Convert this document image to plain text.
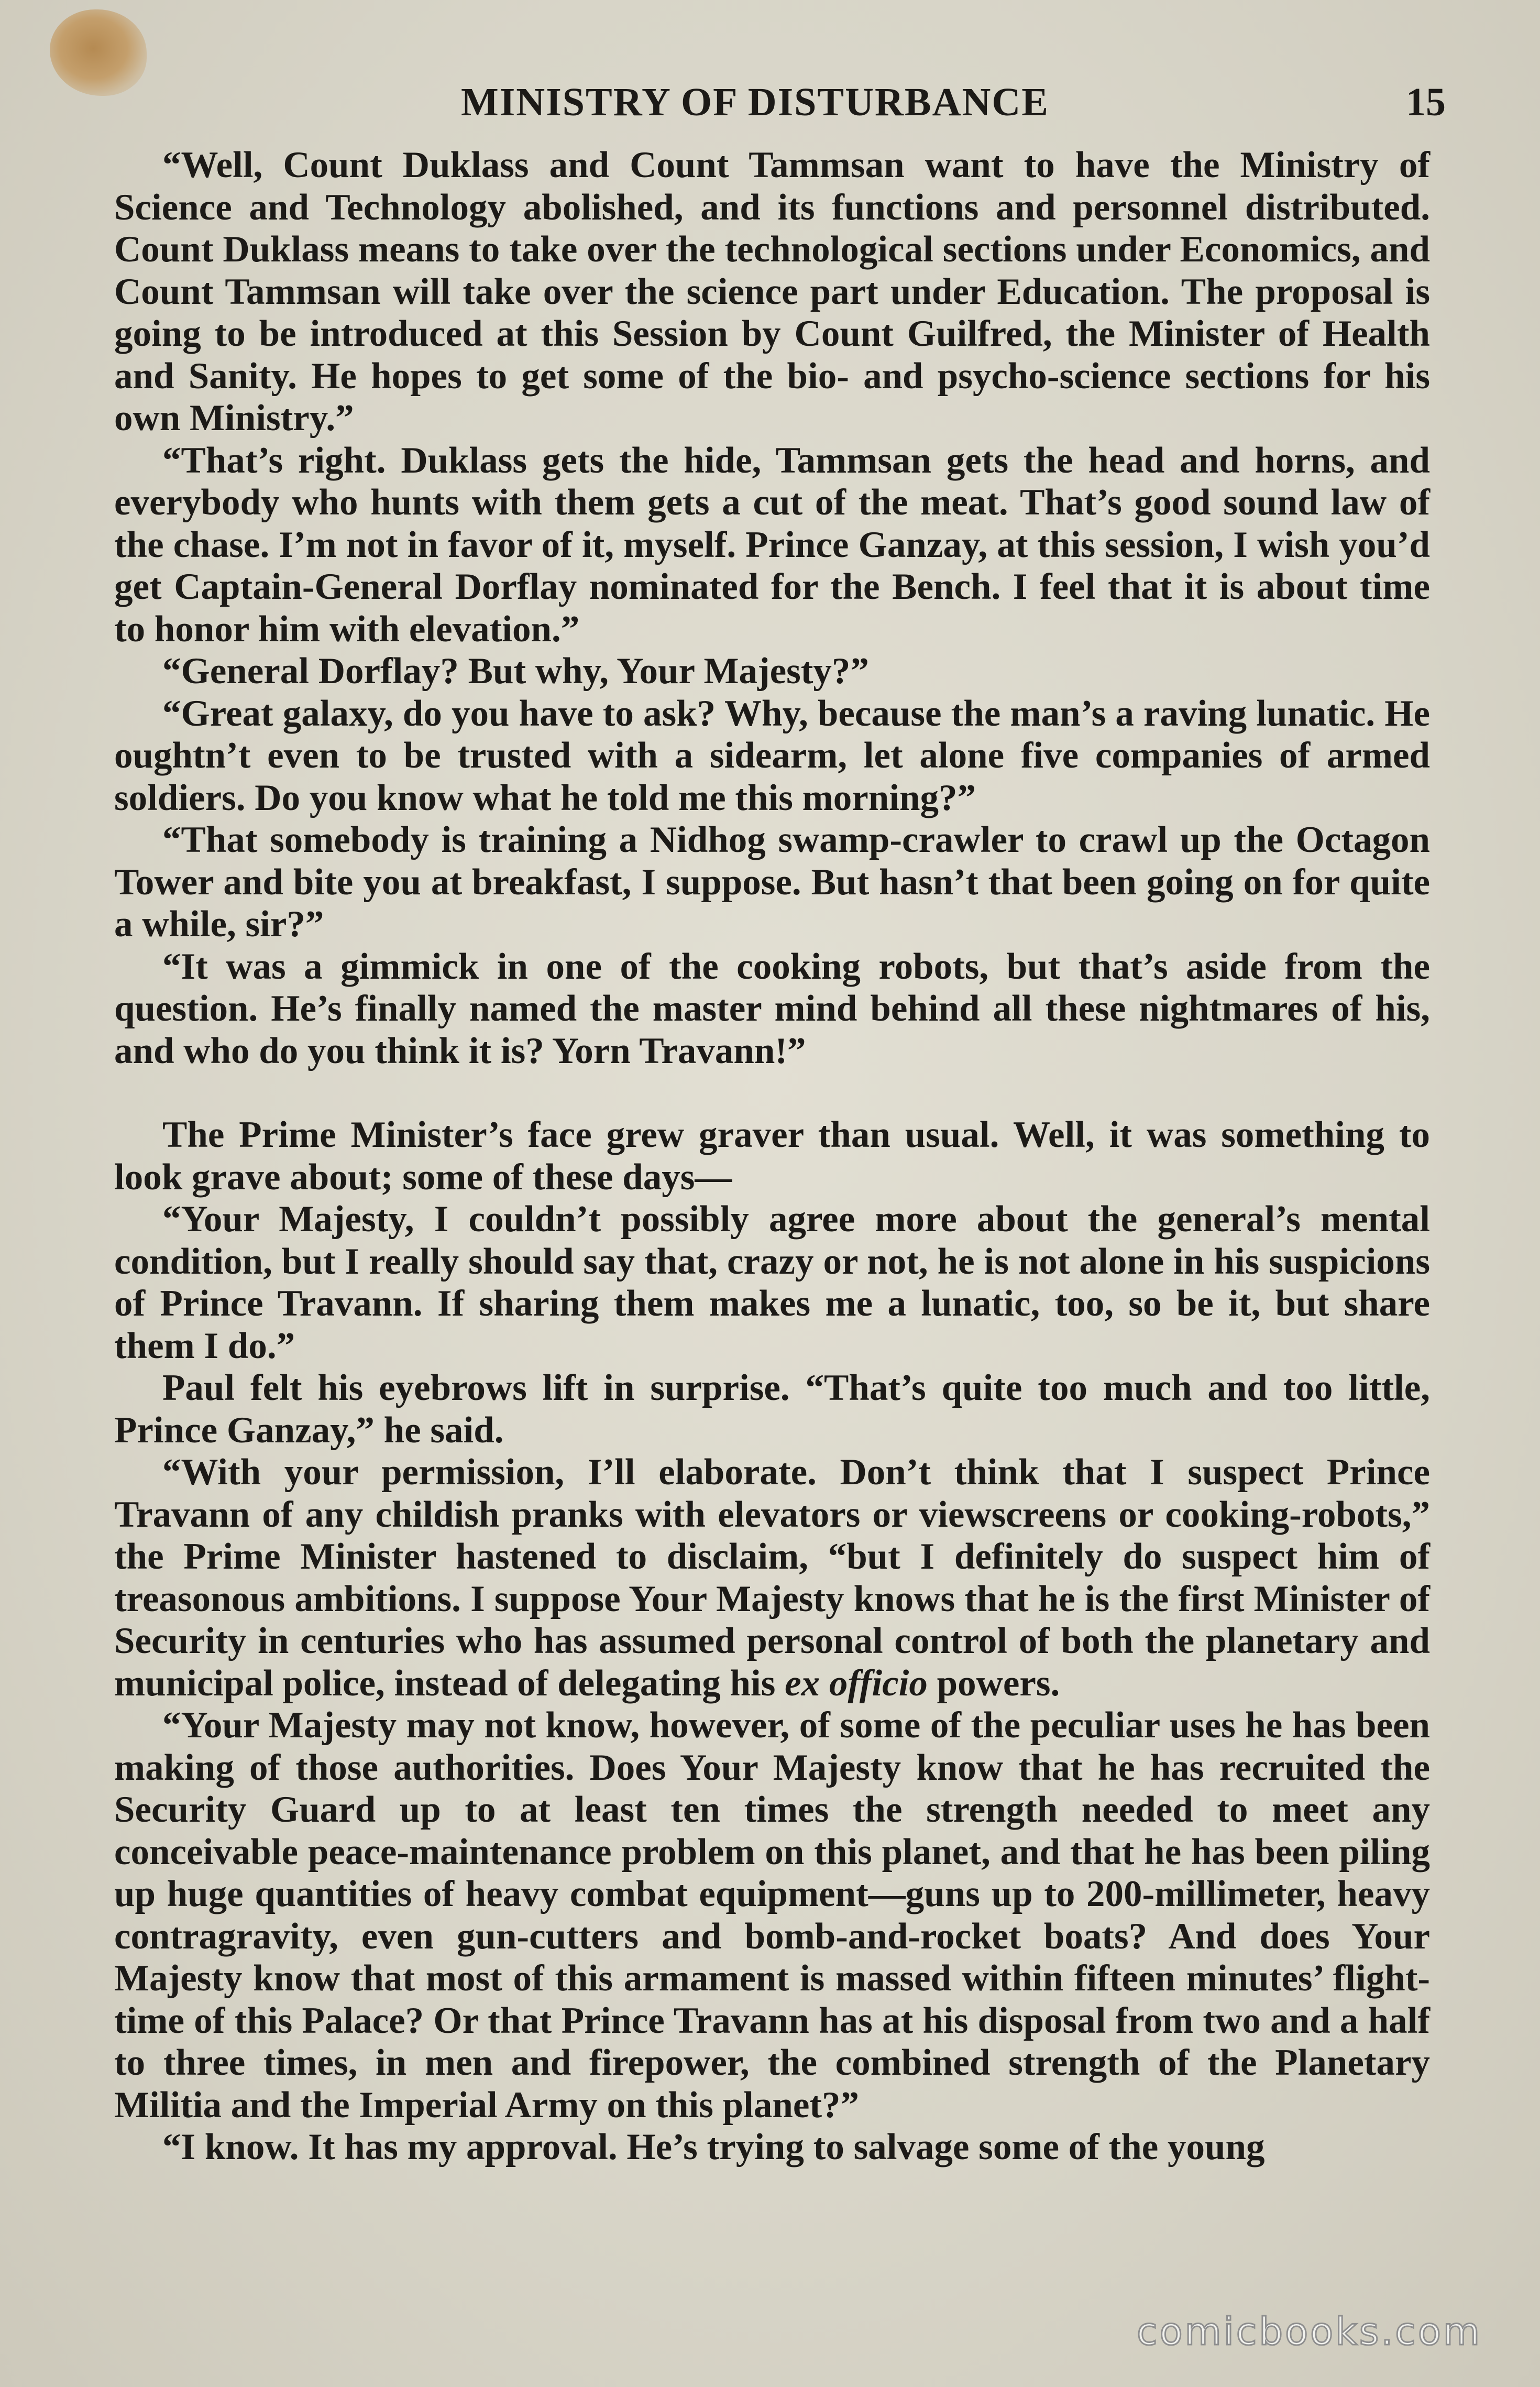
MINISTRY OF DISTURBANCE	15

“Well, Count Duklass and Count Tammsan want to have the Ministry of Science and Technology abolished, and its functions and personnel distributed. Count Duklass means to take over the technological sections under Economics, and Count Tammsan will take over the science part under Education. The proposal is going to be introduced at this Session by Count Guilfred, the Minister of Health and Sanity. He hopes to get some of the bio- and psycho-science sections for his own Ministry.”

“That’s right. Duklass gets the hide, Tammsan gets the head and horns, and everybody who hunts with them gets a cut of the meat. That’s good sound law of the chase. I’m not in favor of it, myself. Prince Ganzay, at this session, I wish you’d get Captain-General Dorflay nominated for the Bench. I feel that it is about time to honor him with elevation.”

“General Dorflay? But why, Your Majesty?”

“Great galaxy, do you have to ask? Why, because the man’s a raving lunatic. He oughtn’t even to be trusted with a sidearm, let alone five companies of armed soldiers. Do you know what he told me this morning?”

“That somebody is training a Nidhog swamp-crawler to crawl up the Octagon Tower and bite you at breakfast, I suppose. But hasn’t that been going on for quite a while, sir?”

“It was a gimmick in one of the cooking robots, but that’s aside from the question. He’s finally named the master mind behind all these nightmares of his, and who do you think it is? Yorn Travann!”

The Prime Minister’s face grew graver than usual. Well, it was something to look grave about; some of these days—

“Your Majesty, I couldn’t possibly agree more about the general’s mental condition, but I really should say that, crazy or not, he is not alone in his suspicions of Prince Travann. If sharing them makes me a lunatic, too, so be it, but share them I do.”

Paul felt his eyebrows lift in surprise. “That’s quite too much and too little, Prince Ganzay,” he said.

“With your permission, I’ll elaborate. Don’t think that I suspect Prince Travann of any childish pranks with elevators or viewscreens or cooking-robots,” the Prime Minister hastened to disclaim, “but I definitely do suspect him of treasonous ambitions. I suppose Your Majesty knows that he is the first Minister of Security in centuries who has assumed personal control of both the planetary and municipal police, instead of delegating his ex officio powers.

“Your Majesty may not know, however, of some of the peculiar uses he has been making of those authorities. Does Your Majesty know that he has recruited the Security Guard up to at least ten times the strength needed to meet any conceivable peace-maintenance problem on this planet, and that he has been piling up huge quantities of heavy combat equipment—guns up to 200-millimeter, heavy contragravity, even gun-cutters and bomb-and-rocket boats? And does Your Majesty know that most of this armament is massed within fifteen minutes’ flight-time of this Palace? Or that Prince Travann has at his disposal from two and a half to three times, in men and firepower, the combined strength of the Planetary Militia and the Imperial Army on this planet?”

“I know. It has my approval. He’s trying to salvage some of the young

comicbooks.com
